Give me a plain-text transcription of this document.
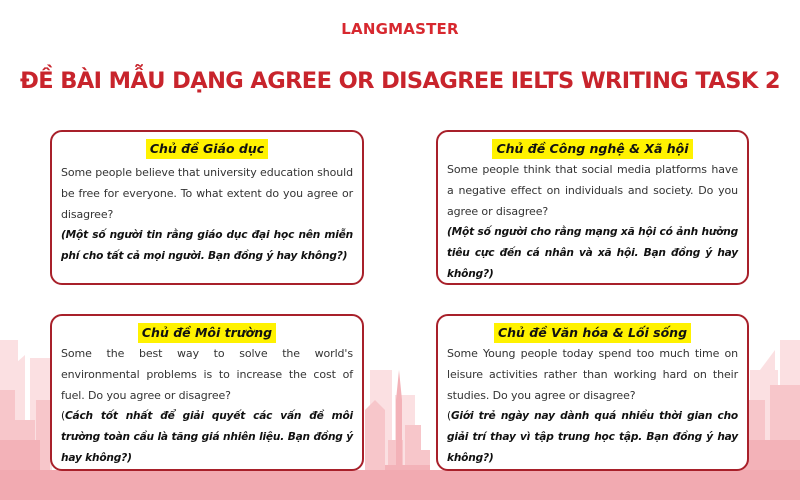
LANGMASTER
ĐỀ BÀI MẪU DẠNG AGREE OR DISAGREE IELTS WRITING TASK 2
Chủ đề Giáo dục

Some people believe that university education should be free for everyone. To what extent do you agree or disagree?

(Một số người tin rằng giáo dục đại học nên miễn phí cho tất cả mọi người. Bạn đồng ý hay không?)

Chủ đề Công nghệ & Xã hội

Some people think that social media platforms have a negative effect on individuals and society. Do you agree or disagree?

(Một số người cho rằng mạng xã hội có ảnh hưởng tiêu cực đến cá nhân và xã hội. Bạn đồng ý hay không?)

Chủ đề Môi trường

Some the best way to solve the world's environmental problems is to increase the cost of fuel. Do you agree or disagree?

(Cách tốt nhất để giải quyết các vấn đề môi trường toàn cầu là tăng giá nhiên liệu. Bạn đồng ý hay không?)

Chủ đề Văn hóa & Lối sống

Some Young people today spend too much time on leisure activities rather than working hard on their studies. Do you agree or disagree?

(Giới trẻ ngày nay dành quá nhiều thời gian cho giải trí thay vì tập trung học tập. Bạn đồng ý hay không?)
